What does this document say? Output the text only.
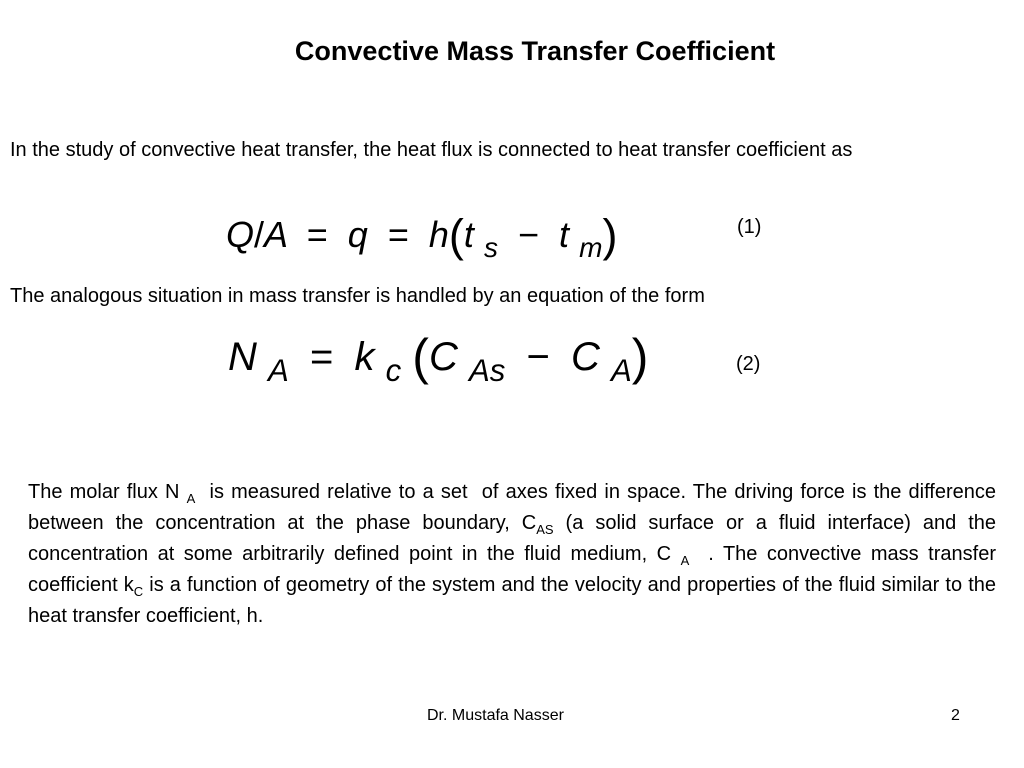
Convective Mass Transfer Coefficient
In the study of convective heat transfer, the heat flux is connected to heat transfer coefficient as
Q/A = q = h(t $_s$ − t $_m$)	(1)
The analogous situation in mass transfer is handled by an equation of the form
N $_A$ = k $_c$ (C $_{As}$ − C $_A$)	(2)
The molar flux N $_A$  is measured relative to a set  of axes fixed in space. The driving force is the difference between the concentration at the phase boundary, $C_{AS}$ (a solid surface or a fluid interface) and the concentration at some arbitrarily defined point in the fluid medium, C $_A$  . The convective mass transfer coefficient $k_C$ is a function of geometry of the system and the velocity and properties of the fluid similar to the heat transfer coefficient, h.
Dr. Mustafa Nasser	2
